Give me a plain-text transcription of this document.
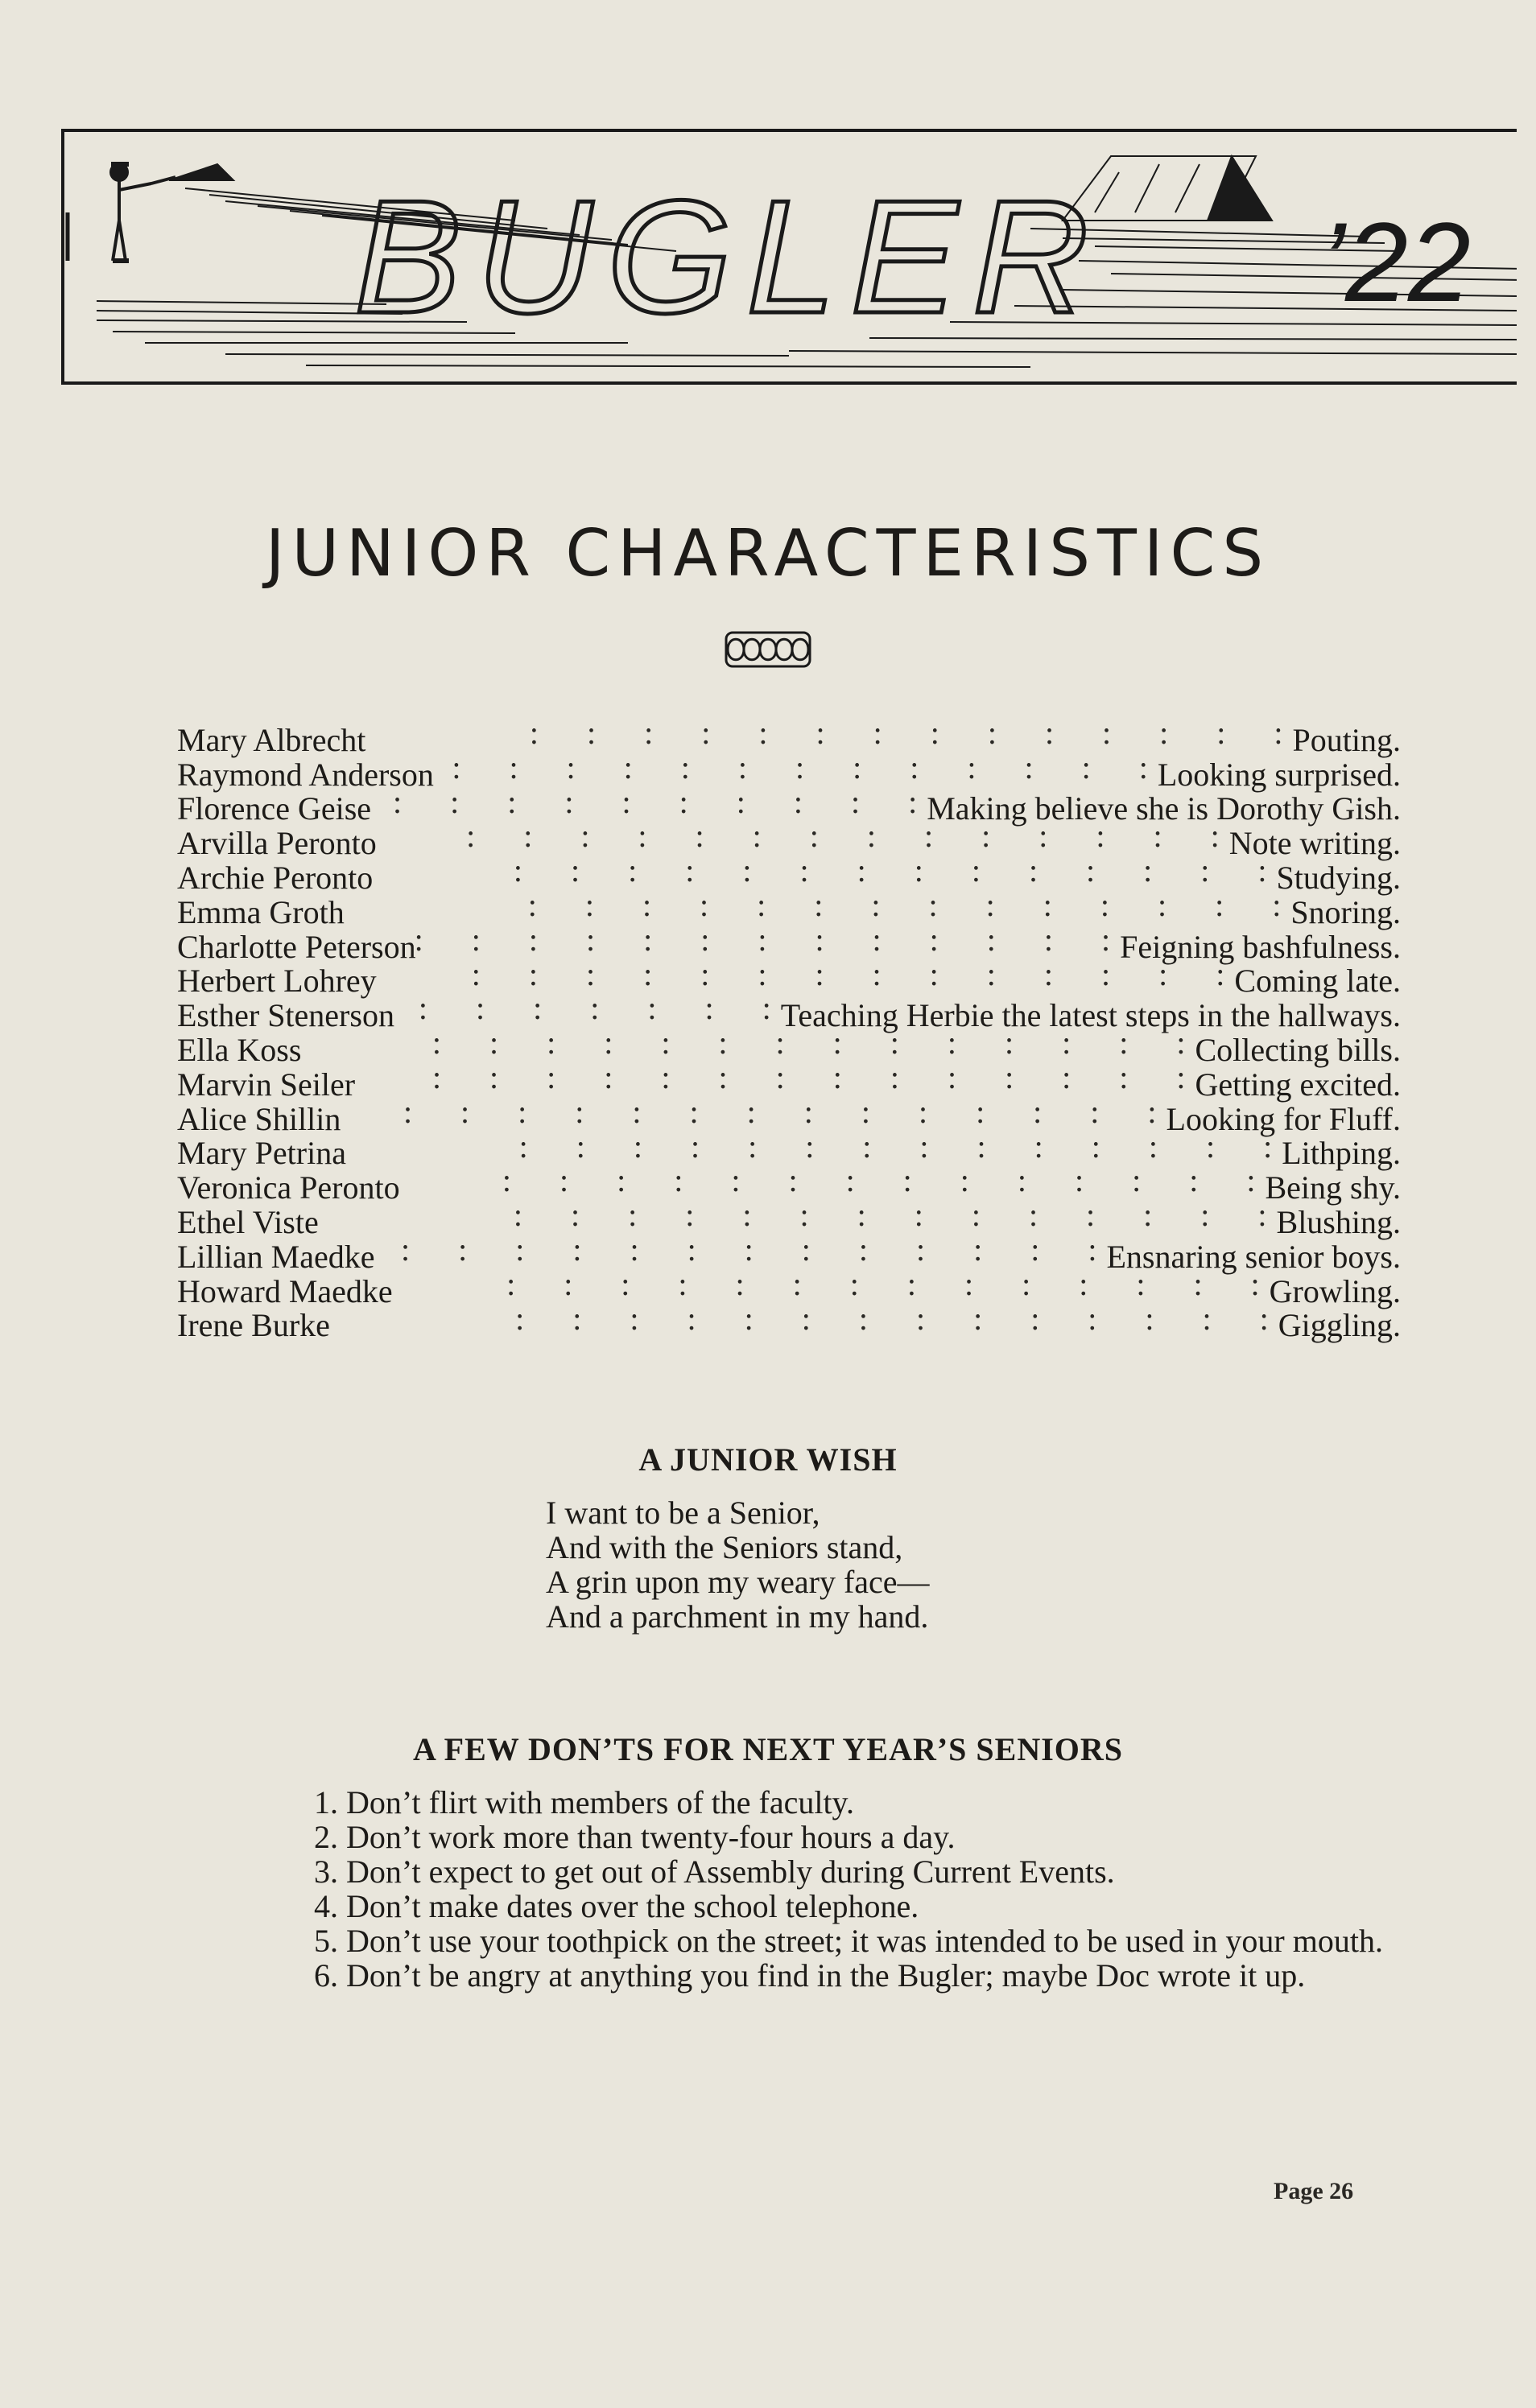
BUGLER ’22
JUNIOR CHARACTERISTICS
Mary Albrecht :      :      :      :      :      :      :      :      :      :      :      :      :      :	Pouting.
Raymond Anderson :      :      :      :      :      :      :      :      :      :      :      :      :      :	Looking surprised.
Florence Geise :      :      :      :      :      :      :      :      :      :      :      :      :      :	Making believe she is Dorothy Gish.
Arvilla Peronto :      :      :      :      :      :      :      :      :      :      :      :      :      :	Note writing.
Archie Peronto :      :      :      :      :      :      :      :      :      :      :      :      :      :	Studying.
Emma Groth :      :      :      :      :      :      :      :      :      :      :      :      :      :	Snoring.
Charlotte Peterson :      :      :      :      :      :      :      :      :      :      :      :      :      :	Feigning bashfulness.
Herbert Lohrey :      :      :      :      :      :      :      :      :      :      :      :      :      :	Coming late.
Esther Stenerson :      :      :      :      :      :      :      :      :      :      :      :      :      :	Teaching Herbie the latest steps in the hallways.
Ella Koss :      :      :      :      :      :      :      :      :      :      :      :      :      :	Collecting bills.
Marvin Seiler :      :      :      :      :      :      :      :      :      :      :      :      :      :	Getting excited.
Alice Shillin :      :      :      :      :      :      :      :      :      :      :      :      :      :	Looking for Fluff.
Mary Petrina :      :      :      :      :      :      :      :      :      :      :      :      :      :	Lithping.
Veronica Peronto :      :      :      :      :      :      :      :      :      :      :      :      :      :	Being shy.
Ethel Viste :      :      :      :      :      :      :      :      :      :      :      :      :      :	Blushing.
Lillian Maedke :      :      :      :      :      :      :      :      :      :      :      :      :      :	Ensnaring senior boys.
Howard Maedke :      :      :      :      :      :      :      :      :      :      :      :      :      :	Growling.
Irene Burke :      :      :      :      :      :      :      :      :      :      :      :      :      :	Giggling.
A JUNIOR WISH
I want to be a Senior,
And with the Seniors stand,
A grin upon my weary face—
And a parchment in my hand.
A FEW DON’TS FOR NEXT YEAR’S SENIORS
1. Don’t flirt with members of the faculty.
2. Don’t work more than twenty-four hours a day.
3. Don’t expect to get out of Assembly during Current Events.
4. Don’t make dates over the school telephone.
5. Don’t use your toothpick on the street; it was intended to be used in your mouth.
6. Don’t be angry at anything you find in the Bugler; maybe Doc wrote it up.
Page 26
